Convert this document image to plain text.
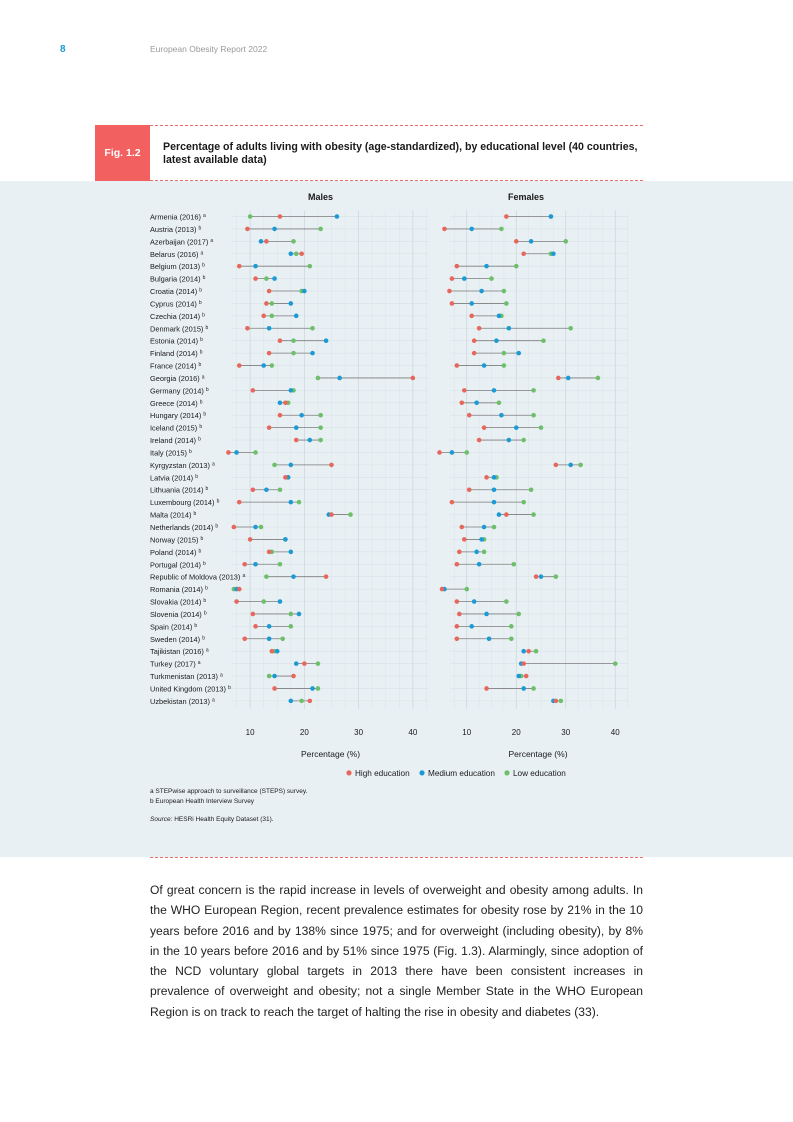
8	European Obesity Report 2022
Fig. 1.2	Percentage of adults living with obesity (age-standardized), by educational level (40 countries, latest available data)
Males
10	20	30	40
Percentage (%)
Females
10	20	30	40
Percentage (%)
Armenia (2016) $^a$
Austria (2013) $^b$
Azerbaijan (2017) $^a$
Belarus (2016) $^a$
Belgium (2013) $^b$
Bulgaria (2014) $^b$
Croatia (2014) $^b$
Cyprus (2014) $^b$
Czechia (2014) $^b$
Denmark (2015) $^b$
Estonia (2014) $^b$
Finland (2014) $^b$
France (2014) $^b$
Georgia (2016) $^a$
Germany (2014) $^b$
Greece (2014) $^b$
Hungary (2014) $^b$
Iceland (2015) $^b$
Ireland (2014) $^b$
Italy (2015) $^b$
Kyrgyzstan (2013) $^a$
Latvia (2014) $^b$
Lithuania (2014) $^b$
Luxembourg (2014) $^b$
Malta (2014) $^b$
Netherlands (2014) $^b$
Norway (2015) $^b$
Poland (2014) $^b$
Portugal (2014) $^b$
Republic of Moldova (2013) $^a$
Romania (2014) $^b$
Slovakia (2014) $^b$
Slovenia (2014) $^b$
Spain (2014) $^b$
Sweden (2014) $^b$
Tajikistan (2016) $^a$
Turkey (2017) $^a$
Turkmenistan (2013) $^a$
United Kingdom (2013) $^b$
Uzbekistan (2013) $^a$
High education Medium education Low education
a STEPwise approach to surveillance (STEPS) survey.
b European Health Interview Survey
Source: HESRi Health Equity Dataset (31).
Of great concern is the rapid increase in levels of overweight and obesity among adults. In the WHO European Region, recent prevalence estimates for obesity rose by 21% in the 10 years before 2016 and by 138% since 1975; and for overweight (including obesity), by 8% in the 10 years before 2016 and by 51% since 1975 (Fig. 1.3). Alarmingly, since adoption of the NCD voluntary global targets in 2013 there have been consistent increases in prevalence of overweight and obesity; not a single Member State in the WHO European Region is on track to reach the target of halting the rise in obesity and diabetes (33).
